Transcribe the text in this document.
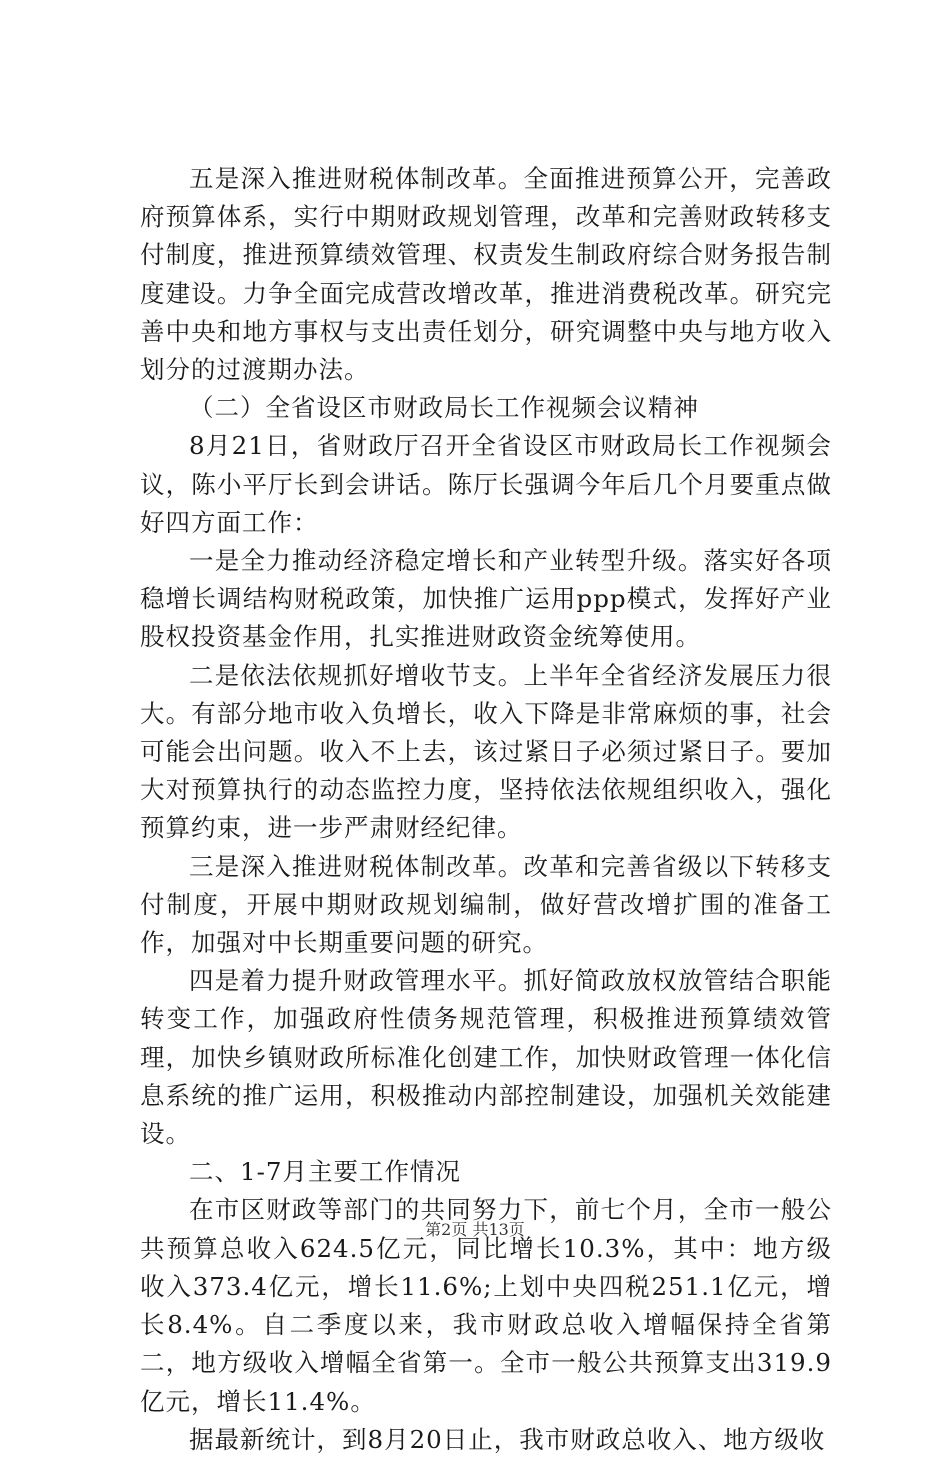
五是深入推进财税体制改革。全面推进预算公开，完善政府预算体系，实行中期财政规划管理，改革和完善财政转移支付制度，推进预算绩效管理、权责发生制政府综合财务报告制度建设。力争全面完成营改增改革，推进消费税改革。研究完善中央和地方事权与支出责任划分，研究调整中央与地方收入划分的过渡期办法。

（二）全省设区市财政局长工作视频会议精神

8月21日，省财政厅召开全省设区市财政局长工作视频会议，陈小平厅长到会讲话。陈厅长强调今年后几个月要重点做好四方面工作：

一是全力推动经济稳定增长和产业转型升级。落实好各项稳增长调结构财税政策，加快推广运用ppp模式，发挥好产业股权投资基金作用，扎实推进财政资金统筹使用。

二是依法依规抓好增收节支。上半年全省经济发展压力很大。有部分地市收入负增长，收入下降是非常麻烦的事，社会可能会出问题。收入不上去，该过紧日子必须过紧日子。要加大对预算执行的动态监控力度，坚持依法依规组织收入，强化预算约束，进一步严肃财经纪律。

三是深入推进财税体制改革。改革和完善省级以下转移支付制度，开展中期财政规划编制，做好营改增扩围的准备工作，加强对中长期重要问题的研究。

四是着力提升财政管理水平。抓好简政放权放管结合职能转变工作，加强政府性债务规范管理，积极推进预算绩效管理，加快乡镇财政所标准化创建工作，加快财政管理一体化信息系统的推广运用，积极推动内部控制建设，加强机关效能建设。

二、1-7月主要工作情况

在市区财政等部门的共同努力下，前七个月，全市一般公共预算总收入624.5亿元，同比增长10.3%，其中：地方级收入373.4亿元，增长11.6%;上划中央四税251.1亿元，增长8.4%。自二季度以来，我市财政总收入增幅保持全省第二，地方级收入增幅全省第一。全市一般公共预算支出319.9亿元，增长11.4%。

据最新统计，到8月20日止，我市财政总收入、地方级收

第2页 共13页
